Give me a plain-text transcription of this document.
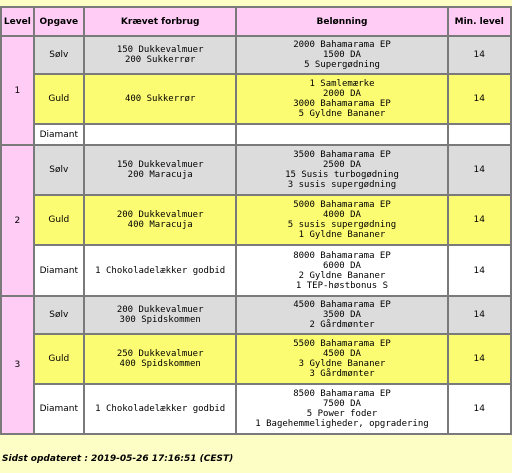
Level	Opgave	Krævet forbrug	Belønning	Min. level
1	Sølv	150 Dukkevalmuer
200 Sukkerrør	2000 Bahamarama EP
1500 DA
5 Supergødning	14
	Guld	400 Sukkerrør	1 Samlemærke
2000 DA
3000 Bahamarama EP
5 Gyldne Bananer	14
	Diamant			
2	Sølv	150 Dukkevalmuer
200 Maracuja	3500 Bahamarama EP
2500 DA
15 Susis turbogødning
3 susis supergødning	14
	Guld	200 Dukkevalmuer
400 Maracuja	5000 Bahamarama EP
4000 DA
5 susis supergødning
1 Gyldne Bananer	14
	Diamant	1 Chokoladelækker godbid	8000 Bahamarama EP
6000 DA
2 Gyldne Bananer
1 TEP-høstbonus S	14
3	Sølv	200 Dukkevalmuer
300 Spidskommen	4500 Bahamarama EP
3500 DA
2 Gårdmønter	14
	Guld	250 Dukkevalmuer
400 Spidskommen	5500 Bahamarama EP
4500 DA
3 Gyldne Bananer
3 Gårdmønter	14
	Diamant	1 Chokoladelækker godbid	8500 Bahamarama EP
7500 DA
5 Power foder
1 Bagehemmeligheder, opgradering	14
Sidst opdateret : 2019-05-26 17:16:51 (CEST)
